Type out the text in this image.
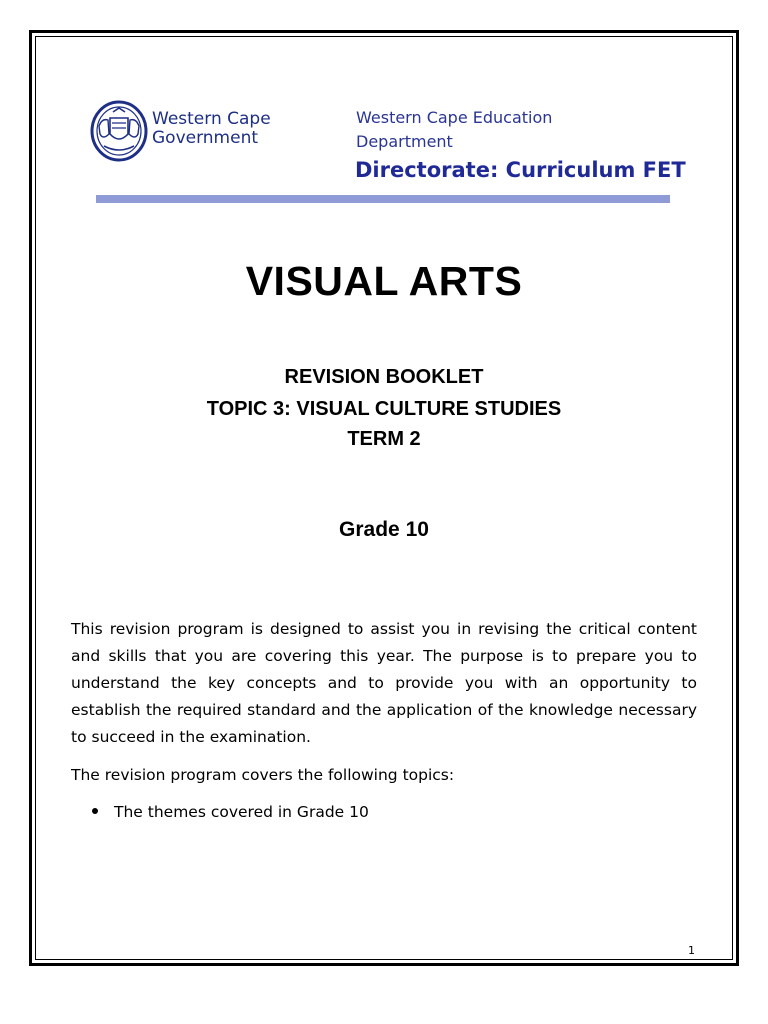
Western Cape
Government
Western Cape Education
Department
Directorate: Curriculum FET
VISUAL ARTS
REVISION BOOKLET
TOPIC 3: VISUAL CULTURE STUDIES
TERM 2
Grade 10
This revision program is designed to assist you in revising the critical content and skills that you are covering this year. The purpose is to prepare you to understand the key concepts and to provide you with an opportunity to establish the required standard and the application of the knowledge necessary to succeed in the examination.
The revision program covers the following topics:
The themes covered in Grade 10
1
